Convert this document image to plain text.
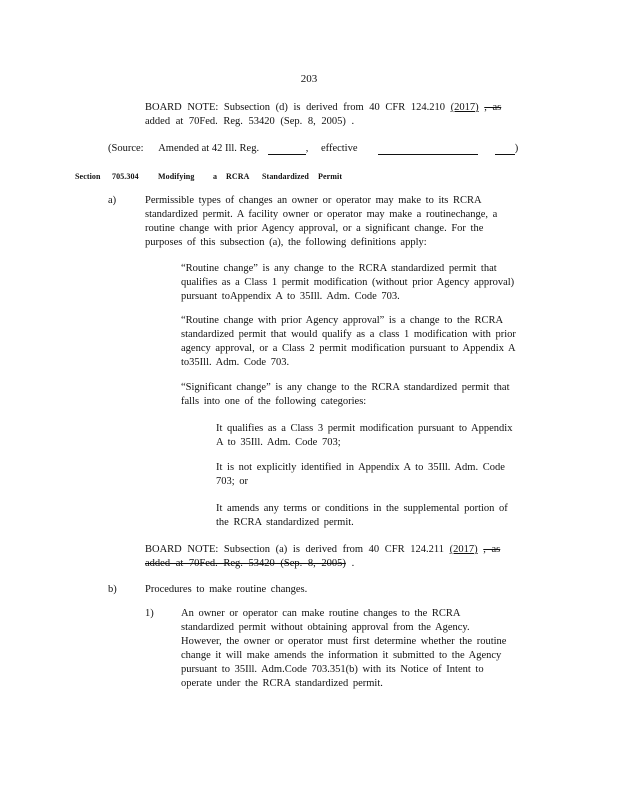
203
BOARD NOTE: Subsection (d) is derived from 40 CFR 124.210 (2017) , as
added at 70Fed. Reg. 53420 (Sep. 8, 2005) .
(Source: Amended at 42 Ill. Reg.	, effective	)
Section 705.304 Modifying a RCRA Standardized Permit
a)	Permissible types of changes an owner or operator may make to its RCRA
standardized permit. A facility owner or operator may make a routinechange, a
routine change with prior Agency approval, or a significant change. For the
purposes of this subsection (a), the following definitions apply:
“Routine change” is any change to the RCRA standardized permit that
qualifies as a Class 1 permit modification (without prior Agency approval)
pursuant toAppendix A to 35Ill. Adm. Code 703.
“Routine change with prior Agency approval” is a change to the RCRA
standardized permit that would qualify as a class 1 modification with prior
agency approval, or a Class 2 permit modification pursuant to Appendix A
to35Ill. Adm. Code 703.
“Significant change” is any change to the RCRA standardized permit that
falls into one of the following categories:
It qualifies as a Class 3 permit modification pursuant to Appendix
A to 35Ill. Adm. Code 703;
It is not explicitly identified in Appendix A to 35Ill. Adm. Code
703; or
It amends any terms or conditions in the supplemental portion of
the RCRA standardized permit.
BOARD NOTE: Subsection (a) is derived from 40 CFR 124.211 (2017) , as
added at 70Fed. Reg. 53420 (Sep. 8, 2005) .
b)	Procedures to make routine changes.
1)	An owner or operator can make routine changes to the RCRA
standardized permit without obtaining approval from the Agency.
However, the owner or operator must first determine whether the routine
change it will make amends the information it submitted to the Agency
pursuant to 35Ill. Adm.Code 703.351(b) with its Notice of Intent to
operate under the RCRA standardized permit.
